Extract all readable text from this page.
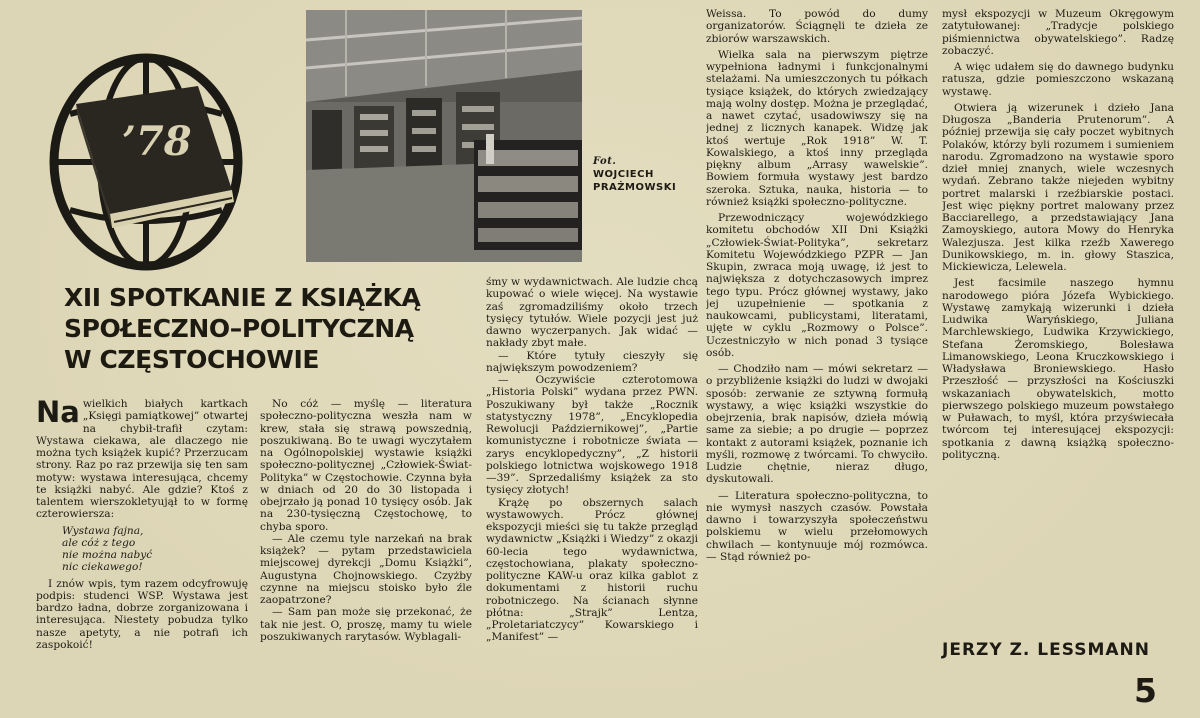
’78	Fot.
WOJCIECH
PRAŻMOWSKI
XII SPOTKANIE Z KSIĄŻKĄ
SPOŁECZNO–POLITYCZNĄ
W CZĘSTOCHOWIE

Na wielkich białych kartkach „Księgi pamiątkowej” otwartej na chybił-trafił czytam: Wystawa ciekawa, ale dlaczego nie można tych książek kupić? Przerzucam strony. Raz po raz przewija się ten sam motyw: wystawa interesująca, chcemy te książki nabyć. Ale gdzie? Ktoś z talentem wierszokletyujął to w formę czterowiersza:

Wystawa fajna,

ale cóż z tego

nie można nabyć

nic ciekawego!

I znów wpis, tym razem odcyfrowuję podpis: studenci WSP. Wystawa jest bardzo ładna, dobrze zorganizowana i interesująca. Niestety pobudza tylko nasze apetyty, a nie potrafi ich zaspokoić!

No cóż — myślę — literatura społeczno-polityczna weszła nam w krew, stała się strawą powszednią, poszukiwaną. Bo te uwagi wyczytałem na Ogólnopolskiej wystawie książki społeczno-politycznej „Człowiek-Świat-Polityka” w Częstochowie. Czynna była w dniach od 20 do 30 listopada i obejrzało ją ponad 10 tysięcy osób. Jak na 230-tysięczną Częstochowę, to chyba sporo.

— Ale czemu tyle narzekań na brak książek? — pytam przedstawiciela miejscowej dyrekcji „Domu Książki”, Augustyna Chojnowskiego. Czyżby czynne na miejscu stoisko było źle zaopatrzone?

— Sam pan może się przekonać, że tak nie jest. O, proszę, mamy tu wiele poszukiwanych rarytasów. Wyblagali-

śmy w wydawnictwach. Ale ludzie chcą kupować o wiele więcej. Na wystawie zaś zgromadziliśmy około trzech tysięcy tytułów. Wiele pozycji jest już dawno wyczerpanych. Jak widać — nakłady zbyt małe.

— Które tytuły cieszyły się największym powodzeniem?

— Oczywiście czterotomowa „Historia Polski” wydana przez PWN. Poszukiwany był także „Rocznik statystyczny 1978”, „Encyklopedia Rewolucji Październikowej”, „Partie komunistyczne i robotnicze świata — zarys encyklopedyczny”, „Z historii polskiego lotnictwa wojskowego 1918—39”. Sprzedaliśmy książek za sto tysięcy złotych!

Krążę po obszernych salach wystawowych. Prócz głównej ekspozycji mieści się tu także przegląd wydawnictw „Książki i Wiedzy” z okazji 60-lecia tego wydawnictwa, częstochowiana, plakaty społeczno-polityczne KAW-u oraz kilka gablot z dokumentami z historii ruchu robotniczego. Na ścianach słynne płótna: „Strajk” Lentza, „Proletariatczycy” Kowarskiego i „Manifest” —

Weissa. To powód do dumy organizatorów. Ściągnęli te dzieła ze zbiorów warszawskich.

Wielka sala na pierwszym piętrze wypełniona ładnymi i funkcjonalnymi stelażami. Na umieszczonych tu półkach tysiące książek, do których zwiedzający mają wolny dostęp. Można je przeglądać, a nawet czytać, usadowiwszy się na jednej z licznych kanapek. Widzę jak ktoś wertuje „Rok 1918” W. T. Kowalskiego, a ktoś inny przegląda piękny album „Arrasy wawelskie”. Bowiem formuła wystawy jest bardzo szeroka. Sztuka, nauka, historia — to również książki społeczno-polityczne.

Przewodniczący wojewódzkiego komitetu obchodów XII Dni Książki „Człowiek-Świat-Polityka”, sekretarz Komitetu Wojewódzkiego PZPR — Jan Skupin, zwraca moją uwagę, iż jest to największa z dotychczasowych imprez tego typu. Prócz głównej wystawy, jako jej uzupełnienie — spotkania z naukowcami, publicystami, literatami, ujęte w cyklu „Rozmowy o Polsce”. Uczestniczyło w nich ponad 3 tysiące osób.

— Chodziło nam — mówi sekretarz — o przybliżenie książki do ludzi w dwojaki sposób: zerwanie ze sztywną formułą wystawy, a więc książki wszystkie do obejrzenia, brak napisów, dzieła mówią same za siebie; a po drugie — poprzez kontakt z autorami książek, poznanie ich myśli, rozmowę z twórcami. To chwyciło. Ludzie chętnie, nieraz długo, dyskutowali.

— Literatura społeczno-polityczna, to nie wymysł naszych czasów. Powstała dawno i towarzyszyła społeczeństwu polskiemu w wielu przełomowych chwilach — kontynuuje mój rozmówca. — Stąd również po-

mysł ekspozycji w Muzeum Okręgowym zatytułowanej: „Tradycje polskiego piśmiennictwa obywatelskiego”. Radzę zobaczyć.

A więc udałem się do dawnego budynku ratusza, gdzie pomieszczono wskazaną wystawę.

Otwiera ją wizerunek i dzieło Jana Długosza „Banderia Prutenorum”. A później przewija się cały poczet wybitnych Polaków, którzy byli rozumem i sumieniem narodu. Zgromadzono na wystawie sporo dzieł mniej znanych, wiele wczesnych wydań. Zebrano także niejeden wybitny portret malarski i rzeźbiarskie postaci. Jest więc piękny portret malowany przez Bacciarellego, a przedstawiający Jana Zamoyskiego, autora Mowy do Henryka Walezjusza. Jest kilka rzeźb Xawerego Dunikowskiego, m. in. głowy Staszica, Mickiewicza, Lelewela.

Jest facsimile naszego hymnu narodowego pióra Józefa Wybickiego. Wystawę zamykają wizerunki i dzieła Ludwika Waryńskiego, Juliana Marchlewskiego, Ludwika Krzywickiego, Stefana Żeromskiego, Bolesława Limanowskiego, Leona Kruczkowskiego i Władysława Broniewskiego. Hasło Przeszłość — przyszłości na Kościuszki wskazaniach obywatelskich, motto pierwszego polskiego muzeum powstałego w Puławach, to myśl, która przyświecała twórcom tej interesującej ekspozycji: spotkania z dawną książką społeczno-polityczną.

JERZY Z. LESSMANN
5
